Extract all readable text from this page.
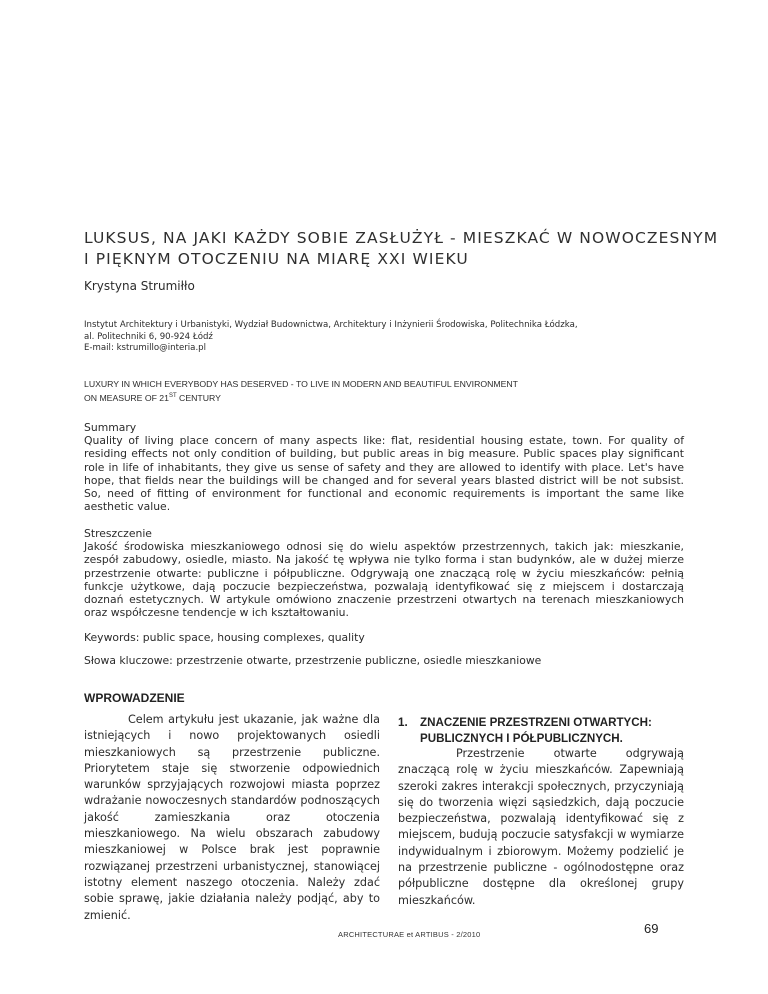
LUKSUS, NA JAKI KAŻDY SOBIE ZASŁUŻYŁ - MIESZKAĆ W NOWOCZESNYM
I PIĘKNYM OTOCZENIU NA MIARĘ XXI WIEKU
Krystyna Strumiłło
Instytut Architektury i Urbanistyki, Wydział Budownictwa, Architektury i Inżynierii Środowiska, Politechnika Łódzka,
al. Politechniki 6, 90-924 Łódź
E-mail: kstrumillo@interia.pl
LUXURY IN WHICH EVERYBODY HAS DESERVED - TO LIVE IN MODERN AND BEAUTIFUL ENVIRONMENT
ON MEASURE OF 21ST CENTURY
Summary
Quality of living place concern of many aspects like: flat, residential housing estate, town. For quality of residing effects not only condition of building, but public areas in big measure. Public spaces play significant role in life of inhabitants, they give us sense of safety and they are allowed to identify with place. Let's have hope, that fields near the buildings will be changed and for several years blasted district will be not subsist. So, need of fitting of environment for functional and economic requirements is important the same like aesthetic value.
Streszczenie
Jakość środowiska mieszkaniowego odnosi się do wielu aspektów przestrzennych, takich jak: mieszkanie, zespół zabudowy, osiedle, miasto. Na jakość tę wpływa nie tylko forma i stan budynków, ale w dużej mierze przestrzenie otwarte: publiczne i półpubliczne. Odgrywają one znaczącą rolę w życiu mieszkańców: pełnią funkcje użytkowe, dają poczucie bezpieczeństwa, pozwalają identyfikować się z miejscem i dostarczają doznań estetycznych. W artykule omówiono znaczenie przestrzeni otwartych na terenach mieszkaniowych oraz współczesne tendencje w ich kształtowaniu.
Keywords: public space, housing complexes, quality
Słowa kluczowe: przestrzenie otwarte, przestrzenie publiczne, osiedle mieszkaniowe
WPROWADZENIE
Celem artykułu jest ukazanie, jak ważne dla istniejących i nowo projektowanych osiedli mieszkaniowych są przestrzenie publiczne. Priorytetem staje się stworzenie odpowiednich warunków sprzyjających rozwojowi miasta poprzez wdrażanie nowoczesnych standardów podnoszących jakość zamieszkania oraz otoczenia mieszkaniowego. Na wielu obszarach zabudowy mieszkaniowej w Polsce brak jest poprawnie rozwiązanej przestrzeni urbanistycznej, stanowiącej istotny element naszego otoczenia. Należy zdać sobie sprawę, jakie działania należy podjąć, aby to zmienić.
1. ZNACZENIE PRZESTRZENI OTWARTYCH:
PUBLICZNYCH I PÓŁPUBLICZNYCH.
Przestrzenie otwarte odgrywają znaczącą rolę w życiu mieszkańców. Zapewniają szeroki zakres interakcji społecznych, przyczyniają się do tworzenia więzi sąsiedzkich, dają poczucie bezpieczeństwa, pozwalają identyfikować się z miejscem, budują poczucie satysfakcji w wymiarze indywidualnym i zbiorowym. Możemy podzielić je na przestrzenie publiczne - ogólnodostępne oraz półpubliczne dostępne dla określonej grupy mieszkańców.
ARCHITECTURAE et ARTIBUS - 2/2010	69
